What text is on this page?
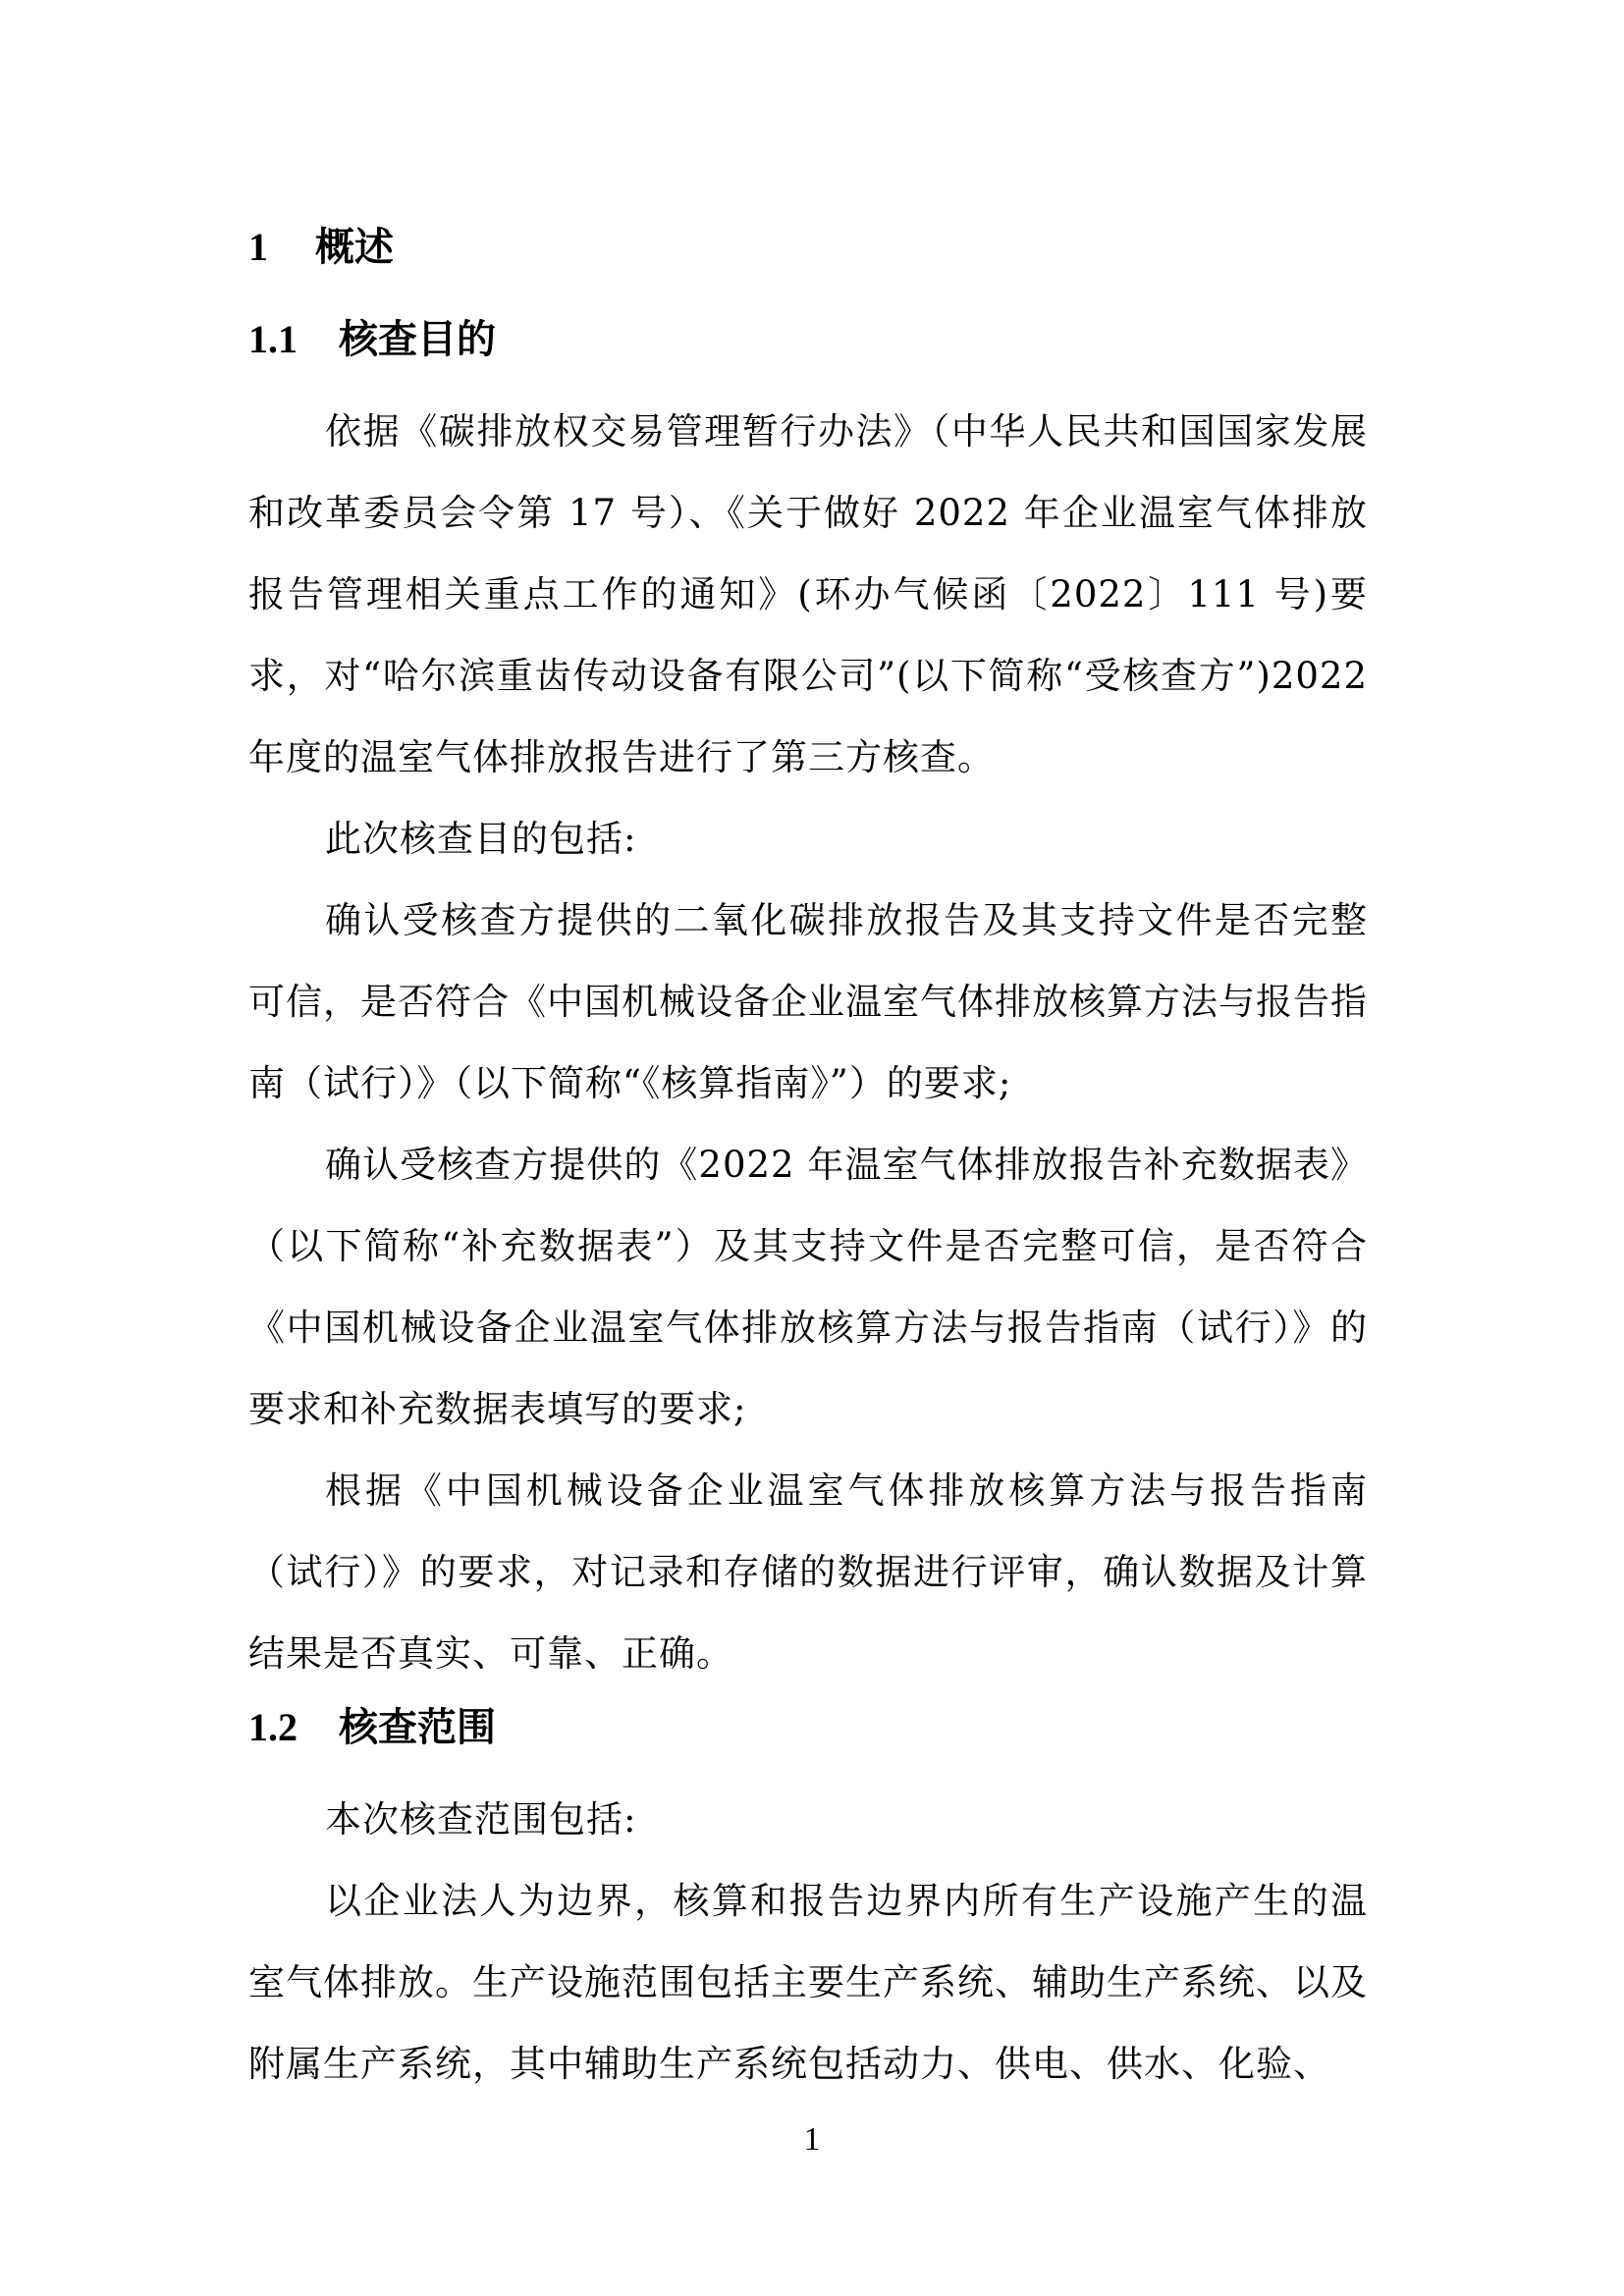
1 概述
1.1 核查目的

依据《碳排放权交易管理暂行办法》（中华人民共和国国家发展和改革委员会令第 17 号）、《关于做好 2022 年企业温室气体排放报告管理相关重点工作的通知》(环办气候函〔2022〕111 号)要求，对“哈尔滨重齿传动设备有限公司”(以下简称“受核查方”)2022 年度的温室气体排放报告进行了第三方核查。

此次核查目的包括:

确认受核查方提供的二氧化碳排放报告及其支持文件是否完整可信，是否符合《中国机械设备企业温室气体排放核算方法与报告指南（试行）》（以下简称“《核算指南》”）的要求;

确认受核查方提供的《2022 年温室气体排放报告补充数据表》（以下简称“补充数据表”）及其支持文件是否完整可信，是否符合《中国机械设备企业温室气体排放核算方法与报告指南（试行）》的要求和补充数据表填写的要求;

根据《中国机械设备企业温室气体排放核算方法与报告指南（试行）》的要求，对记录和存储的数据进行评审，确认数据及计算结果是否真实、可靠、正确。

1.2 核查范围

本次核查范围包括:

以企业法人为边界，核算和报告边界内所有生产设施产生的温室气体排放。生产设施范围包括主要生产系统、辅助生产系统、以及附属生产系统，其中辅助生产系统包括动力、供电、供水、化验、

1
